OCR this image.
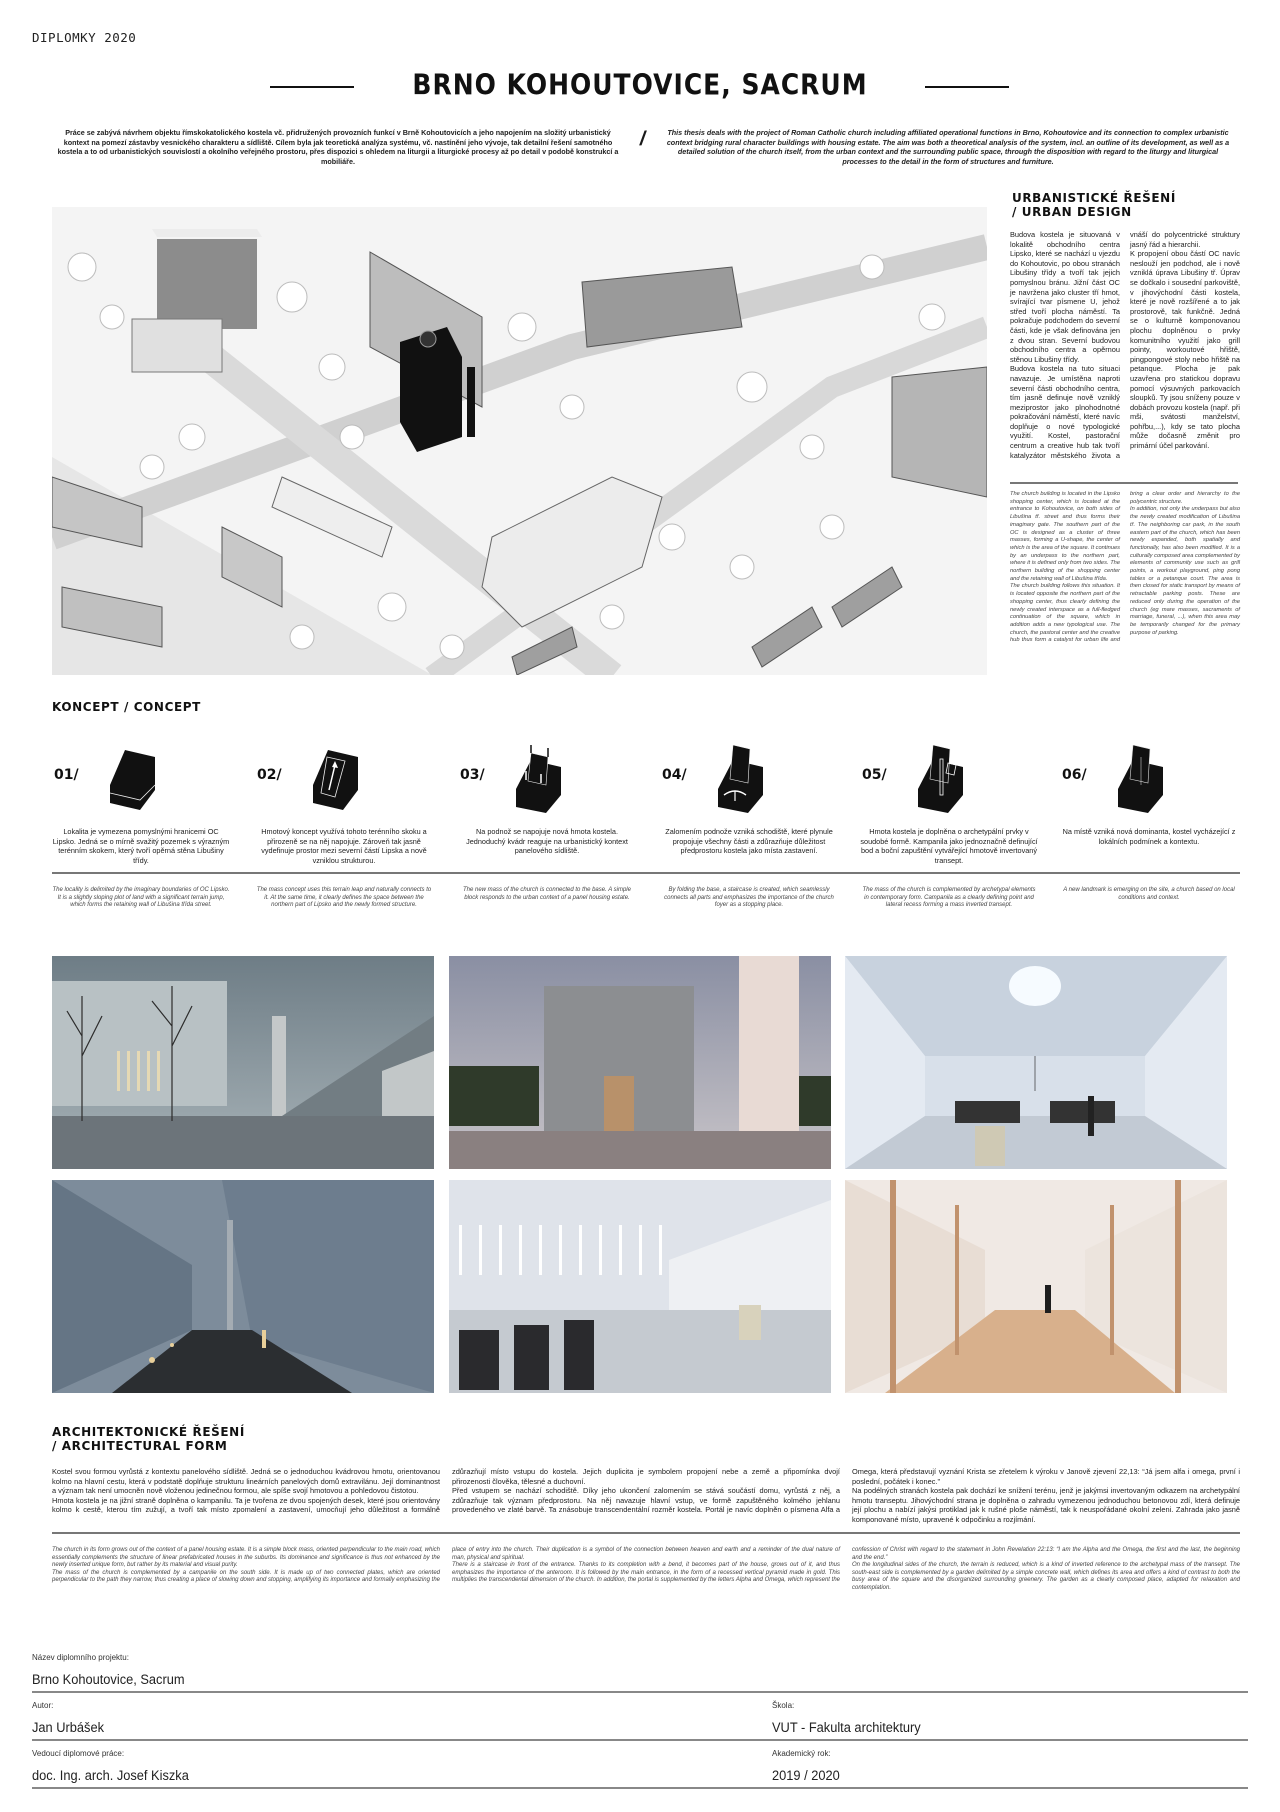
DIPLOMKY 2020
BRNO KOHOUTOVICE, SACRUM
Práce se zabývá návrhem objektu římskokatolického kostela vč. přidružených provozních funkcí v Brně Kohoutovicích a jeho napojením na složitý urbanistický kontext na pomezí zástavby vesnického charakteru a sídliště. Cílem byla jak teoretická analýza systému, vč. nastínění jeho vývoje, tak detailní řešení samotného kostela a to od urbanistických souvislostí a okolního veřejného prostoru, přes dispozici s ohledem na liturgii a liturgické procesy až po detail v podobě konstrukcí a mobiliáře.
/	This thesis deals with the project of Roman Catholic church including affiliated operational functions in Brno, Kohoutovice and its connection to complex urbanistic context bridging rural character buildings with housing estate. The aim was both a theoretical analysis of the system, incl. an outline of its development, as well as a detailed solution of the church itself, from the urban context and the surrounding public space, through the disposition with regard to the liturgy and liturgical processes to the detail in the form of structures and furniture.
URBANISTICKÉ ŘEŠENÍ
/ URBAN DESIGN
Budova kostela je situovaná v lokalitě obchodního centra Lipsko, které se nachází u vjezdu do Kohoutovic, po obou stranách Libušiny třídy a tvoří tak jejich pomyslnou bránu. Jižní část OC je navržena jako cluster tří hmot, svírající tvar písmene U, jehož střed tvoří plocha náměstí. Ta pokračuje podchodem do severní části, kde je však definována jen z dvou stran. Severní budovou obchodního centra a opěrnou stěnou Libušiny třídy.
Budova kostela na tuto situaci navazuje. Je umístěna naproti severní části obchodního centra, tím jasně definuje nově vzniklý meziprostor jako plnohodnotné pokračování náměstí, které navíc doplňuje o nové typologické využití. Kostel, pastorační centrum a creative hub tak tvoří katalyzátor městského života a vnáší do polycentrické struktury jasný řád a hierarchii.
K propojení obou částí OC navíc neslouží jen podchod, ale i nově vzniklá úprava Libušiny tř. Úprav se dočkalo i sousední parkoviště, v jihovýchodní části kostela, které je nově rozšířené a to jak prostorově, tak funkčně. Jedná se o kulturně komponovanou plochu doplněnou o prvky komunitního využití jako grill pointy, workoutové hřiště, pingpongové stoly nebo hřiště na petanque. Plocha je pak uzavřena pro statickou dopravu pomocí výsuvných parkovacích sloupků. Ty jsou sníženy pouze v dobách provozu kostela (např. při mši, svátosti manželství, pohřbu,...), kdy se tato plocha může dočasně změnit pro primární účel parkování.
The church building is located in the Lipsko shopping center, which is located at the entrance to Kohoutovice, on both sides of Libušina tř. street and thus forms their imaginary gate. The southern part of the OC is designed as a cluster of three masses, forming a U-shape, the center of which is the area of the square. It continues by an underpass to the northern part, where it is defined only from two sides. The northern building of the shopping center and the retaining wall of Libušina třída.
The church building follows this situation. It is located opposite the northern part of the shopping center, thus clearly defining the newly created interspace as a full-fledged continuation of the square, which in addition adds a new typological use. The church, the pastoral center and the creative hub thus form a catalyst for urban life and bring a clear order and hierarchy to the polycentric structure.
In addition, not only the underpass but also the newly created modification of Libušina tř. The neighboring car park, in the south eastern part of the church, which has been newly expanded, both spatially and functionally, has also been modified. It is a culturally composed area complemented by elements of community use such as grill points, a workout playground, ping pong tables or a petanque court. The area is then closed for static transport by means of retractable parking posts. These are reduced only during the operation of the church (eg mare masses, sacraments of marriage, funeral, ...), when this area may be temporarily changed for the primary purpose of parking.
KONCEPT / CONCEPT
01/
Lokalita je vymezena pomyslnými hranicemi OC Lipsko. Jedná se o mírně svažitý pozemek s výrazným terénním skokem, který tvoří opěrná stěna Libušiny třídy.
The locality is delimited by the imaginary boundaries of OC Lipsko. It is a slightly sloping plot of land with a significant terrain jump, which forms the retaining wall of Libušina třída street.
02/
Hmotový koncept využívá tohoto terénního skoku a přirozeně se na něj napojuje. Zároveň tak jasně vydefinuje prostor mezi severní částí Lipska a nově vzniklou strukturou.
The mass concept uses this terrain leap and naturally connects to it. At the same time, it clearly defines the space between the northern part of Lipsko and the newly formed structure.
03/
Na podnož se napojuje nová hmota kostela. Jednoduchý kvádr reaguje na urbanistický kontext panelového sídliště.
The new mass of the church is connected to the base. A simple block responds to the urban context of a panel housing estate.
04/
Zalomením podnože vzniká schodiště, které plynule propojuje všechny části a zdůrazňuje důležitost předprostoru kostela jako místa zastavení.
By folding the base, a staircase is created, which seamlessly connects all parts and emphasizes the importance of the church foyer as a stopping place.
05/
Hmota kostela je doplněna o archetypální prvky v soudobé formě. Kampanila jako jednoznačně definující bod a boční zapuštění vytvářející hmotově invertovaný transept.
The mass of the church is complemented by archetypal elements in contemporary form. Campanila as a clearly defining point and lateral recess forming a mass inverted transept.
06/
Na místě vzniká nová dominanta, kostel vycházející z lokálních podmínek a kontextu.
A new landmark is emerging on the site, a church based on local conditions and context.
ARCHITEKTONICKÉ ŘEŠENÍ
/ ARCHITECTURAL FORM
Kostel svou formou vyrůstá z kontextu panelového sídliště. Jedná se o jednoduchou kvádrovou hmotu, orientovanou kolmo na hlavní cestu, která v podstatě doplňuje strukturu lineárních panelových domů extravilánu. Její dominantnost a význam tak není umocněn nově vloženou jedinečnou formou, ale spíše svojí hmotovou a pohledovou čistotou.
Hmota kostela je na jižní straně doplněna o kampanilu. Ta je tvořena ze dvou spojených desek, které jsou orientovány kolmo k cestě, kterou tím zužují, a tvoří tak místo zpomalení a zastavení, umocňují jeho důležitost a formálně zdůrazňují místo vstupu do kostela. Jejich duplicita je symbolem propojení nebe a země a připomínka dvojí přirozenosti člověka, tělesné a duchovní.
Před vstupem se nachází schodiště. Díky jeho ukončení zalomením se stává součástí domu, vyrůstá z něj, a zdůrazňuje tak význam předprostoru. Na něj navazuje hlavní vstup, ve formě zapuštěného kolmého jehlanu provedeného ve zlaté barvě. Ta znásobuje transcendentální rozměr kostela. Portál je navíc doplněn o písmena Alfa a Omega, která představují vyznání Krista se zřetelem k výroku v Janově zjevení 22,13: “Já jsem alfa i omega, první i poslední, počátek i konec.”
Na podélných stranách kostela pak dochází ke snížení terénu, jenž je jakýmsi invertovaným odkazem na archetypální hmotu transeptu. Jihovýchodní strana je doplněna o zahradu vymezenou jednoduchou betonovou zdí, která definuje její plochu a nabízí jakýsi protiklad jak k rušné ploše náměstí, tak k neuspořádané okolní zeleni. Zahrada jako jasně komponované místo, upravené k odpočinku a rozjímání.
The church in its form grows out of the context of a panel housing estate. It is a simple block mass, oriented perpendicular to the main road, which essentially complements the structure of linear prefabricated houses in the suburbs. Its dominance and significance is thus not enhanced by the newly inserted unique form, but rather by its material and visual purity.
The mass of the church is complemented by a campanile on the south side. It is made up of two connected plates, which are oriented perpendicular to the path they narrow, thus creating a place of slowing down and stopping, amplifying its importance and formally emphasizing the place of entry into the church. Their duplication is a symbol of the connection between heaven and earth and a reminder of the dual nature of man, physical and spiritual.
There is a staircase in front of the entrance. Thanks to its completion with a bend, it becomes part of the house, grows out of it, and thus emphasizes the importance of the anteroom. It is followed by the main entrance, in the form of a recessed vertical pyramid made in gold. This multiplies the transcendental dimension of the church. In addition, the portal is supplemented by the letters Alpha and Omega, which represent the confession of Christ with regard to the statement in John Revelation 22:13: “I am the Alpha and the Omega, the first and the last, the beginning and the end.”
On the longitudinal sides of the church, the terrain is reduced, which is a kind of inverted reference to the archetypal mass of the transept. The south-east side is complemented by a garden delimited by a simple concrete wall, which defines its area and offers a kind of contrast to both the busy area of the square and the disorganized surrounding greenery. The garden as a clearly composed place, adapted for relaxation and contemplation.
Název diplomního projektu:
Brno Kohoutovice, Sacrum
Autor:
Jan Urbášek
Škola:
VUT - Fakulta architektury
Vedoucí diplomové práce:
doc. Ing. arch. Josef Kiszka
Akademický rok:
2019 / 2020
